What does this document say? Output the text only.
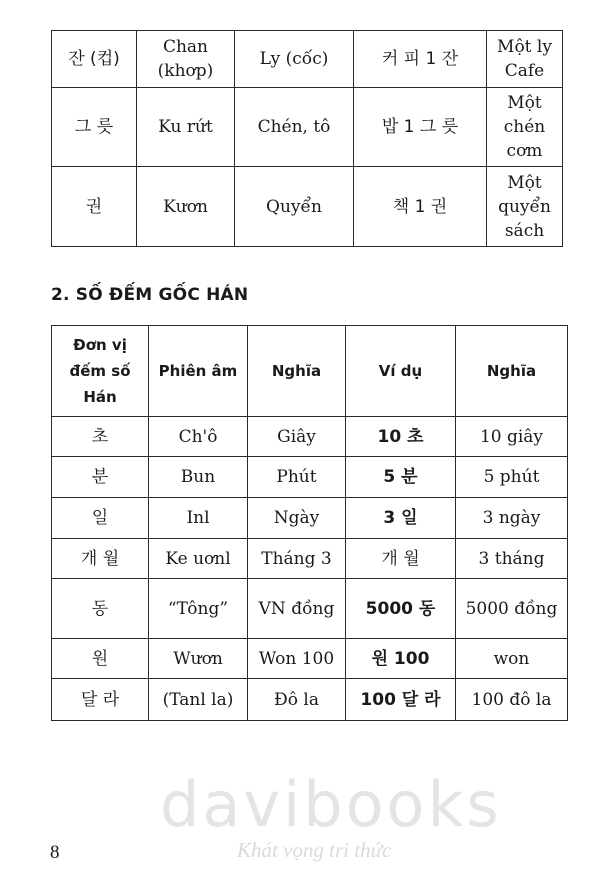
잔 (컵)	Chan (khơp)	Ly (cốc)	커 피 1 잔	Một ly Cafe
그 릇	Ku rứt	Chén, tô	밥 1 그 릇	Một chén cơm
권	Kươn	Quyển	책 1 권	Một quyển sách
2. SỐ ĐẾM GỐC HÁN
Đơn vị đếm số Hán	Phiên âm	Nghĩa	Ví dụ	Nghĩa
초	Ch'ô	Giây	10 초	10 giây
분	Bun	Phút	5 분	5 phút
일	Inl	Ngày	3 일	3 ngày
개 월	Ke uơnl	Tháng 3	개 월	3 tháng
동	“Tông”	VN đồng	5000 동	5000 đồng
원	Wươn	Won 100	원 100	won
달 라	(Tanl la)	Đô la	100 달 라	100 đô la
davibooks
Khát vọng tri thức
8
